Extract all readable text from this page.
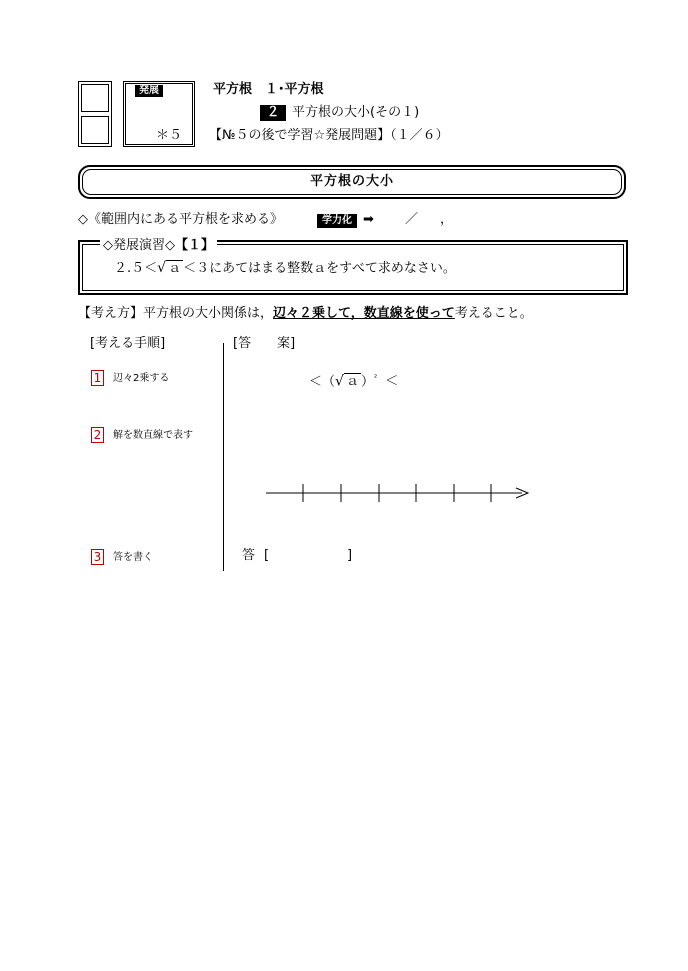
発展
＊５
平方根　１･平方根
２ 平方根の大小(その１)
【№５の後で学習☆発展問題】（１／６）
平方根の大小
◇《範囲内にある平方根を求める》	学力化 ➡ ／ ，
◇発展演習◇【１】
２.５＜√ ａ ＜３にあてはまる整数ａをすべて求めなさい。
【考え方】平方根の大小関係は，辺々２乗して，数直線を使って考えること。
[考える手順]	[答　　案]
1 辺々2乗する
2 解を数直線で表す
3 答を書く
＜（√ ａ ）$^{^2}$ ＜
答 [	]
